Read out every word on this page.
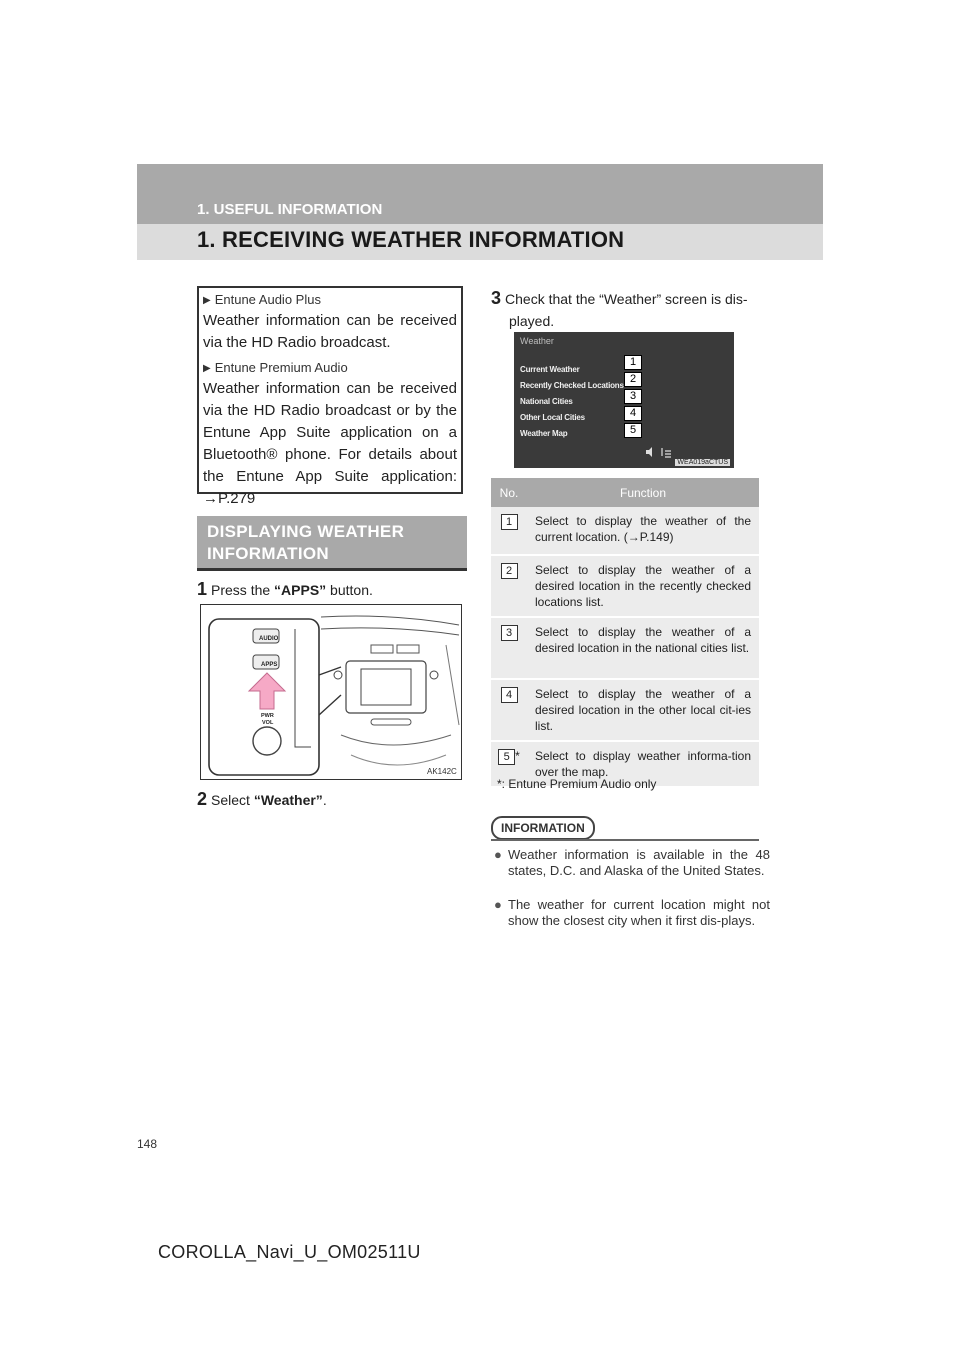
1. USEFUL INFORMATION
1. RECEIVING WEATHER INFORMATION
▶ Entune Audio Plus
Weather information can be received via the HD Radio broadcast.
▶ Entune Premium Audio
Weather information can be received via the HD Radio broadcast or by the Entune App Suite application on a Bluetooth® phone. For details about the Entune App Suite application: →P.279
DISPLAYING WEATHER INFORMATION
1 Press the “APPS” button.
AUDIO
APPS
PWR
VOL
AK142C
2 Select “Weather”.
3 Check that the “Weather” screen is dis-
played.
Weather
Current Weather
Recently Checked Locations
National Cities
Other Local Cities
Weather Map
1
2
3
4
5
WEA019aCTUS
No.	Function
1	Select to display the weather of the current location. (→P.149)
2	Select to display the weather of a desired location in the recently checked locations list.
3	Select to display the weather of a desired location in the national cities list.
4	Select to display the weather of a desired location in the other local cit-ies list.
5 *	Select to display weather informa-tion over the map.
*: Entune Premium Audio only
INFORMATION
● Weather information is available in the 48 states, D.C. and Alaska of the United States.
● The weather for current location might not show the closest city when it first dis-plays.
148
COROLLA_Navi_U_OM02511U
